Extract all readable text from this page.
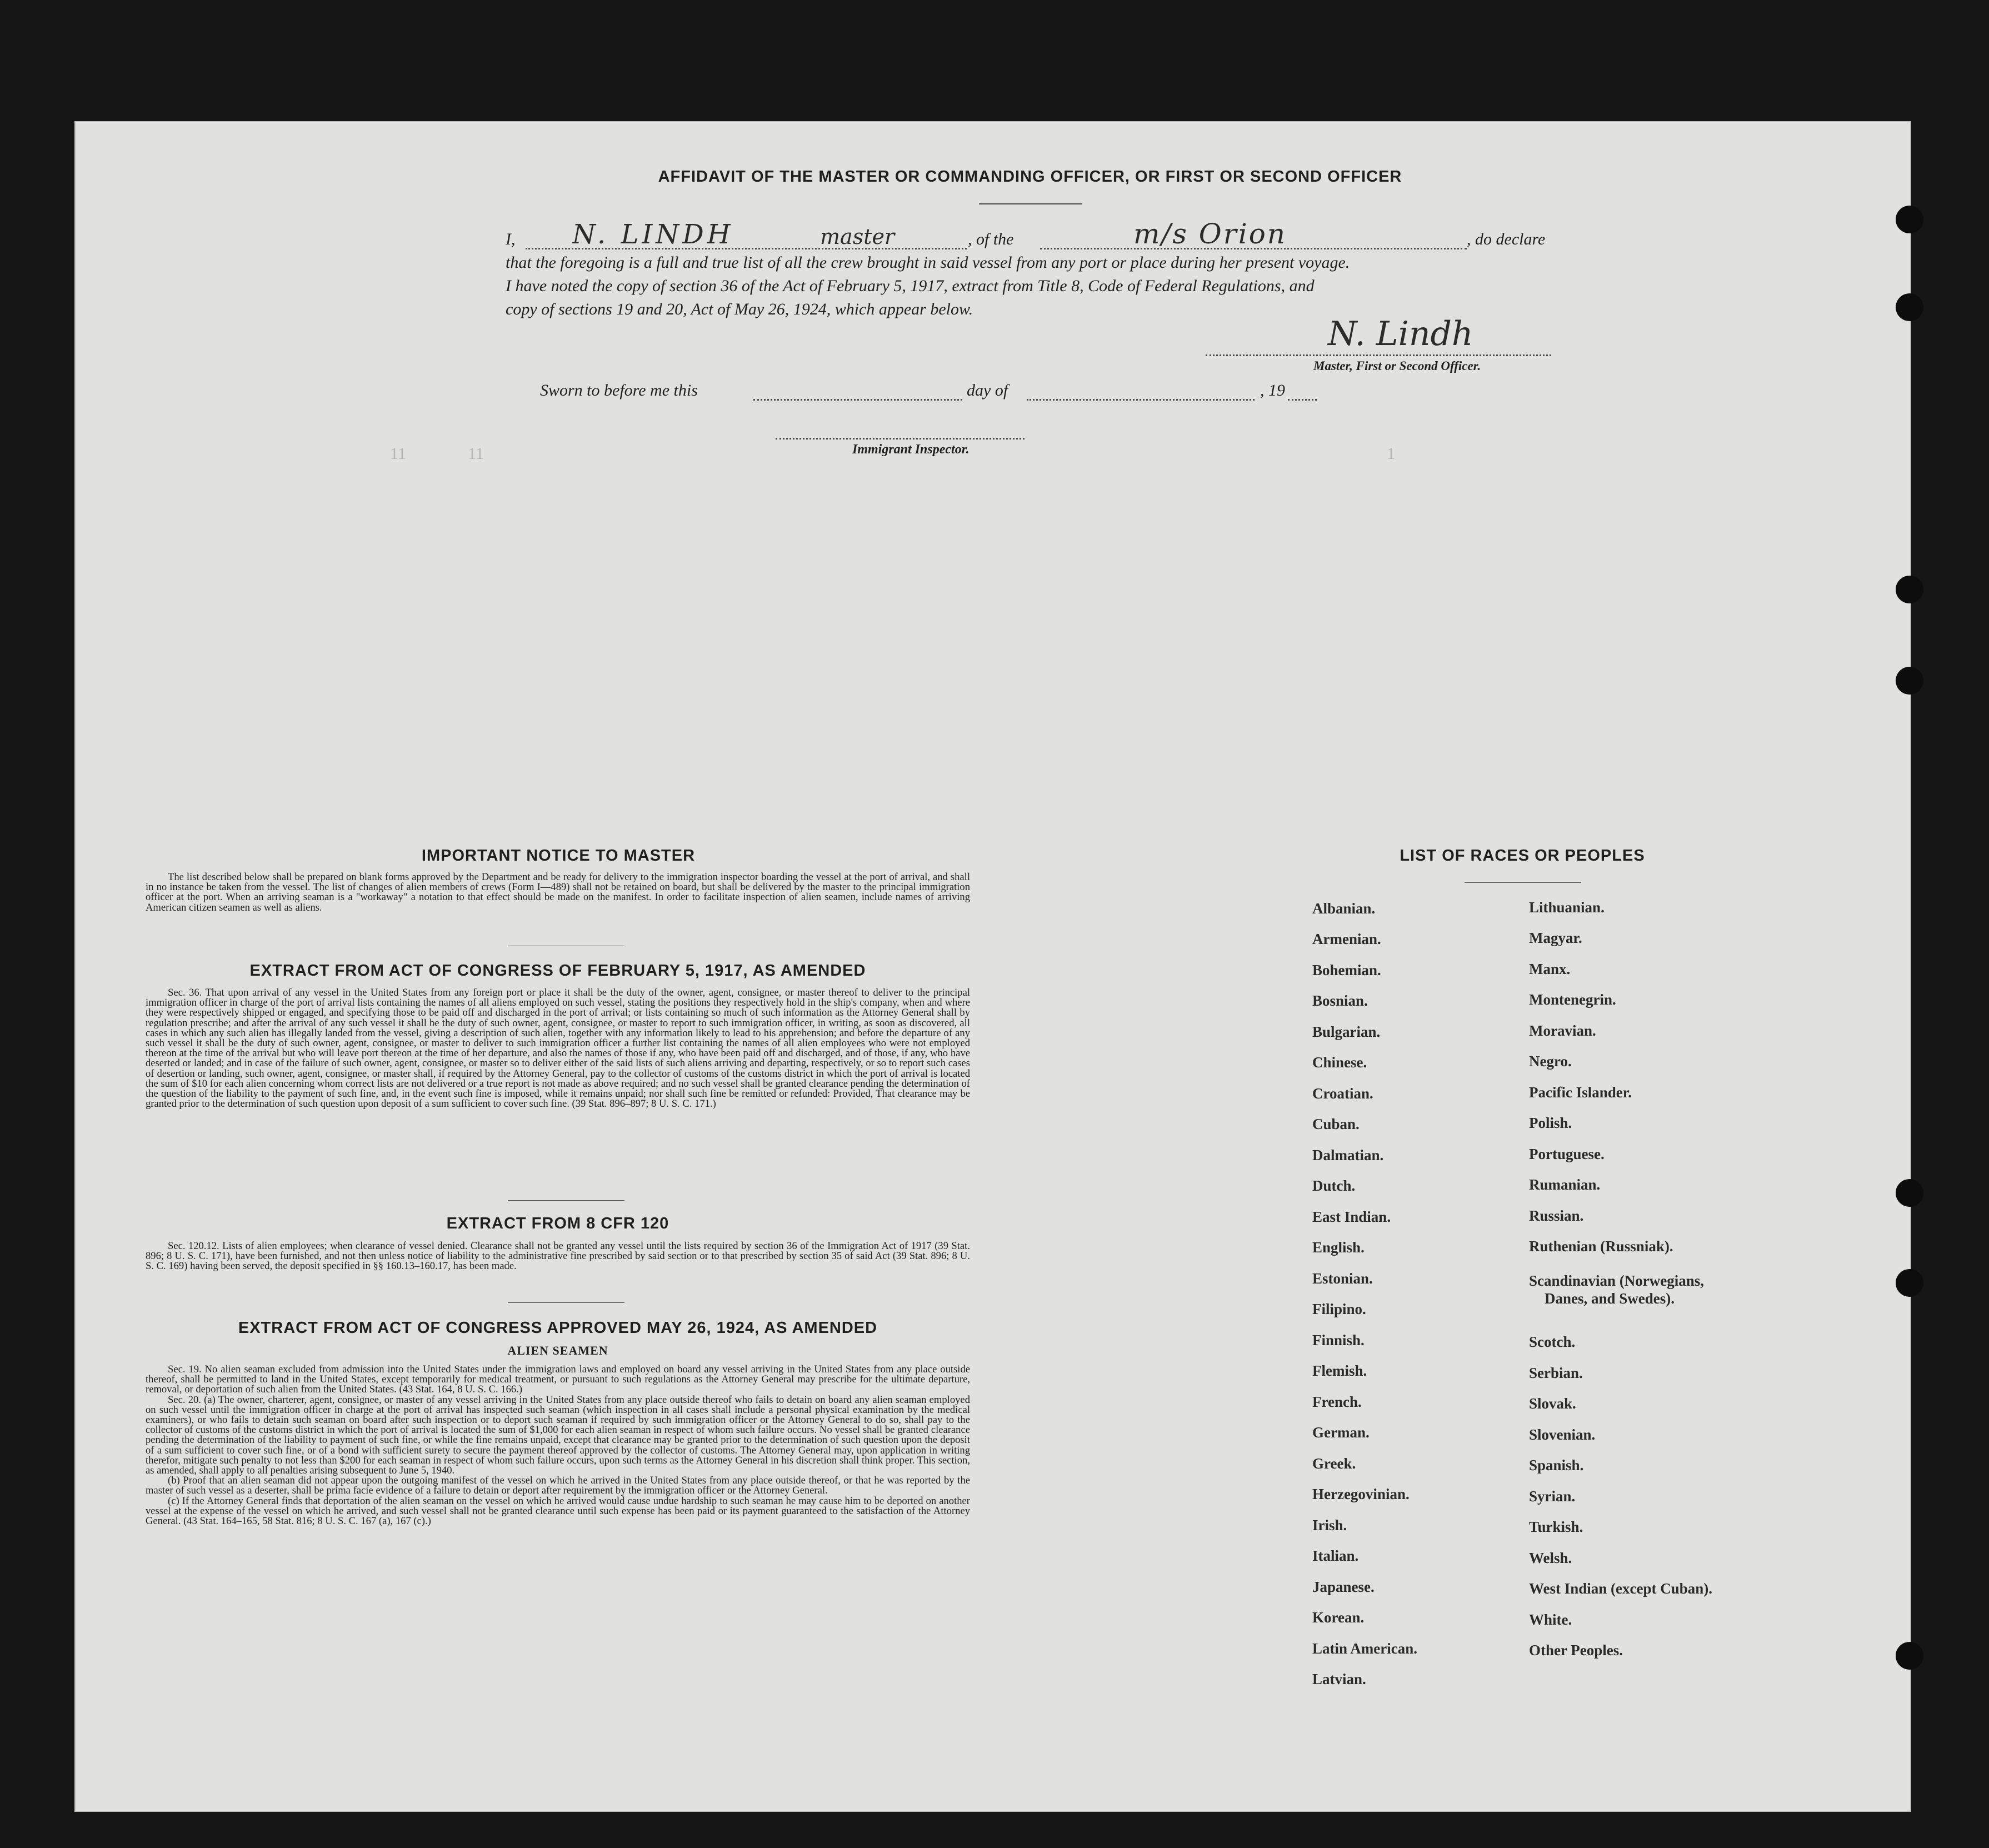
AFFIDAVIT OF THE MASTER OR COMMANDING OFFICER, OR FIRST OR SECOND OFFICER
I, N. LINDH	master	, of the	m/s Orion	, do declare
that the foregoing is a full and true list of all the crew brought in said vessel from any port or place during her present voyage.
I have noted the copy of section 36 of the Act of February 5, 1917, extract from Title 8, Code of Federal Regulations, and
copy of sections 19 and 20, Act of May 26, 1924, which appear below.
N. Lindh
Master, First or Second Officer.
Sworn to before me this	day of	, 19
Immigrant Inspector.
11	11	1
IMPORTANT NOTICE TO MASTER
The list described below shall be prepared on blank forms approved by the Department and be ready for delivery to the immigration inspector boarding the vessel at the port of arrival, and shall in no instance be taken from the vessel. The list of changes of alien members of crews (Form I—489) shall not be retained on board, but shall be delivered by the master to the principal immigration officer at the port. When an arriving seaman is a "workaway" a notation to that effect should be made on the manifest. In order to facilitate inspection of alien seamen, include names of arriving American citizen seamen as well as aliens.
EXTRACT FROM ACT OF CONGRESS OF FEBRUARY 5, 1917, AS AMENDED
Sec. 36. That upon arrival of any vessel in the United States from any foreign port or place it shall be the duty of the owner, agent, consignee, or master thereof to deliver to the principal immigration officer in charge of the port of arrival lists containing the names of all aliens employed on such vessel, stating the positions they respectively hold in the ship's company, when and where they were respectively shipped or engaged, and specifying those to be paid off and discharged in the port of arrival; or lists containing so much of such information as the Attorney General shall by regulation prescribe; and after the arrival of any such vessel it shall be the duty of such owner, agent, consignee, or master to report to such immigration officer, in writing, as soon as discovered, all cases in which any such alien has illegally landed from the vessel, giving a description of such alien, together with any information likely to lead to his apprehension; and before the departure of any such vessel it shall be the duty of such owner, agent, consignee, or master to deliver to such immigration officer a further list containing the names of all alien employees who were not employed thereon at the time of the arrival but who will leave port thereon at the time of her departure, and also the names of those if any, who have been paid off and discharged, and of those, if any, who have deserted or landed; and in case of the failure of such owner, agent, consignee, or master so to deliver either of the said lists of such aliens arriving and departing, respectively, or so to report such cases of desertion or landing, such owner, agent, consignee, or master shall, if required by the Attorney General, pay to the collector of customs of the customs district in which the port of arrival is located the sum of $10 for each alien concerning whom correct lists are not delivered or a true report is not made as above required; and no such vessel shall be granted clearance pending the determination of the question of the liability to the payment of such fine, and, in the event such fine is imposed, while it remains unpaid; nor shall such fine be remitted or refunded: Provided, That clearance may be granted prior to the determination of such question upon deposit of a sum sufficient to cover such fine. (39 Stat. 896–897; 8 U. S. C. 171.)
EXTRACT FROM 8 CFR 120
Sec. 120.12. Lists of alien employees; when clearance of vessel denied. Clearance shall not be granted any vessel until the lists required by section 36 of the Immigration Act of 1917 (39 Stat. 896; 8 U. S. C. 171), have been furnished, and not then unless notice of liability to the administrative fine prescribed by said section or to that prescribed by section 35 of said Act (39 Stat. 896; 8 U. S. C. 169) having been served, the deposit specified in §§ 160.13–160.17, has been made.
EXTRACT FROM ACT OF CONGRESS APPROVED MAY 26, 1924, AS AMENDED
ALIEN SEAMEN
Sec. 19. No alien seaman excluded from admission into the United States under the immigration laws and employed on board any vessel arriving in the United States from any place outside thereof, shall be permitted to land in the United States, except temporarily for medical treatment, or pursuant to such regulations as the Attorney General may prescribe for the ultimate departure, removal, or deportation of such alien from the United States. (43 Stat. 164, 8 U. S. C. 166.)
Sec. 20. (a) The owner, charterer, agent, consignee, or master of any vessel arriving in the United States from any place outside thereof who fails to detain on board any alien seaman employed on such vessel until the immigration officer in charge at the port of arrival has inspected such seaman (which inspection in all cases shall include a personal physical examination by the medical examiners), or who fails to detain such seaman on board after such inspection or to deport such seaman if required by such immigration officer or the Attorney General to do so, shall pay to the collector of customs of the customs district in which the port of arrival is located the sum of $1,000 for each alien seaman in respect of whom such failure occurs. No vessel shall be granted clearance pending the determination of the liability to payment of such fine, or while the fine remains unpaid, except that clearance may be granted prior to the determination of such question upon the deposit of a sum sufficient to cover such fine, or of a bond with sufficient surety to secure the payment thereof approved by the collector of customs. The Attorney General may, upon application in writing therefor, mitigate such penalty to not less than $200 for each seaman in respect of whom such failure occurs, upon such terms as the Attorney General in his discretion shall think proper. This section, as amended, shall apply to all penalties arising subsequent to June 5, 1940.
(b) Proof that an alien seaman did not appear upon the outgoing manifest of the vessel on which he arrived in the United States from any place outside thereof, or that he was reported by the master of such vessel as a deserter, shall be prima facie evidence of a failure to detain or deport after requirement by the immigration officer or the Attorney General.
(c) If the Attorney General finds that deportation of the alien seaman on the vessel on which he arrived would cause undue hardship to such seaman he may cause him to be deported on another vessel at the expense of the vessel on which he arrived, and such vessel shall not be granted clearance until such expense has been paid or its payment guaranteed to the satisfaction of the Attorney General. (43 Stat. 164–165, 58 Stat. 816; 8 U. S. C. 167 (a), 167 (c).)
LIST OF RACES OR PEOPLES
Albanian.
Armenian.
Bohemian.
Bosnian.
Bulgarian.
Chinese.
Croatian.
Cuban.
Dalmatian.
Dutch.
East Indian.
English.
Estonian.
Filipino.
Finnish.
Flemish.
French.
German.
Greek.
Herzegovinian.
Irish.
Italian.
Japanese.
Korean.
Latin American.
Latvian.
Lithuanian.
Magyar.
Manx.
Montenegrin.
Moravian.
Negro.
Pacific Islander.
Polish.
Portuguese.
Rumanian.
Russian.
Ruthenian (Russniak).
Scandinavian (Norwegians,
Danes, and Swedes).
Scotch.
Serbian.
Slovak.
Slovenian.
Spanish.
Syrian.
Turkish.
Welsh.
West Indian (except Cuban).
White.
Other Peoples.
